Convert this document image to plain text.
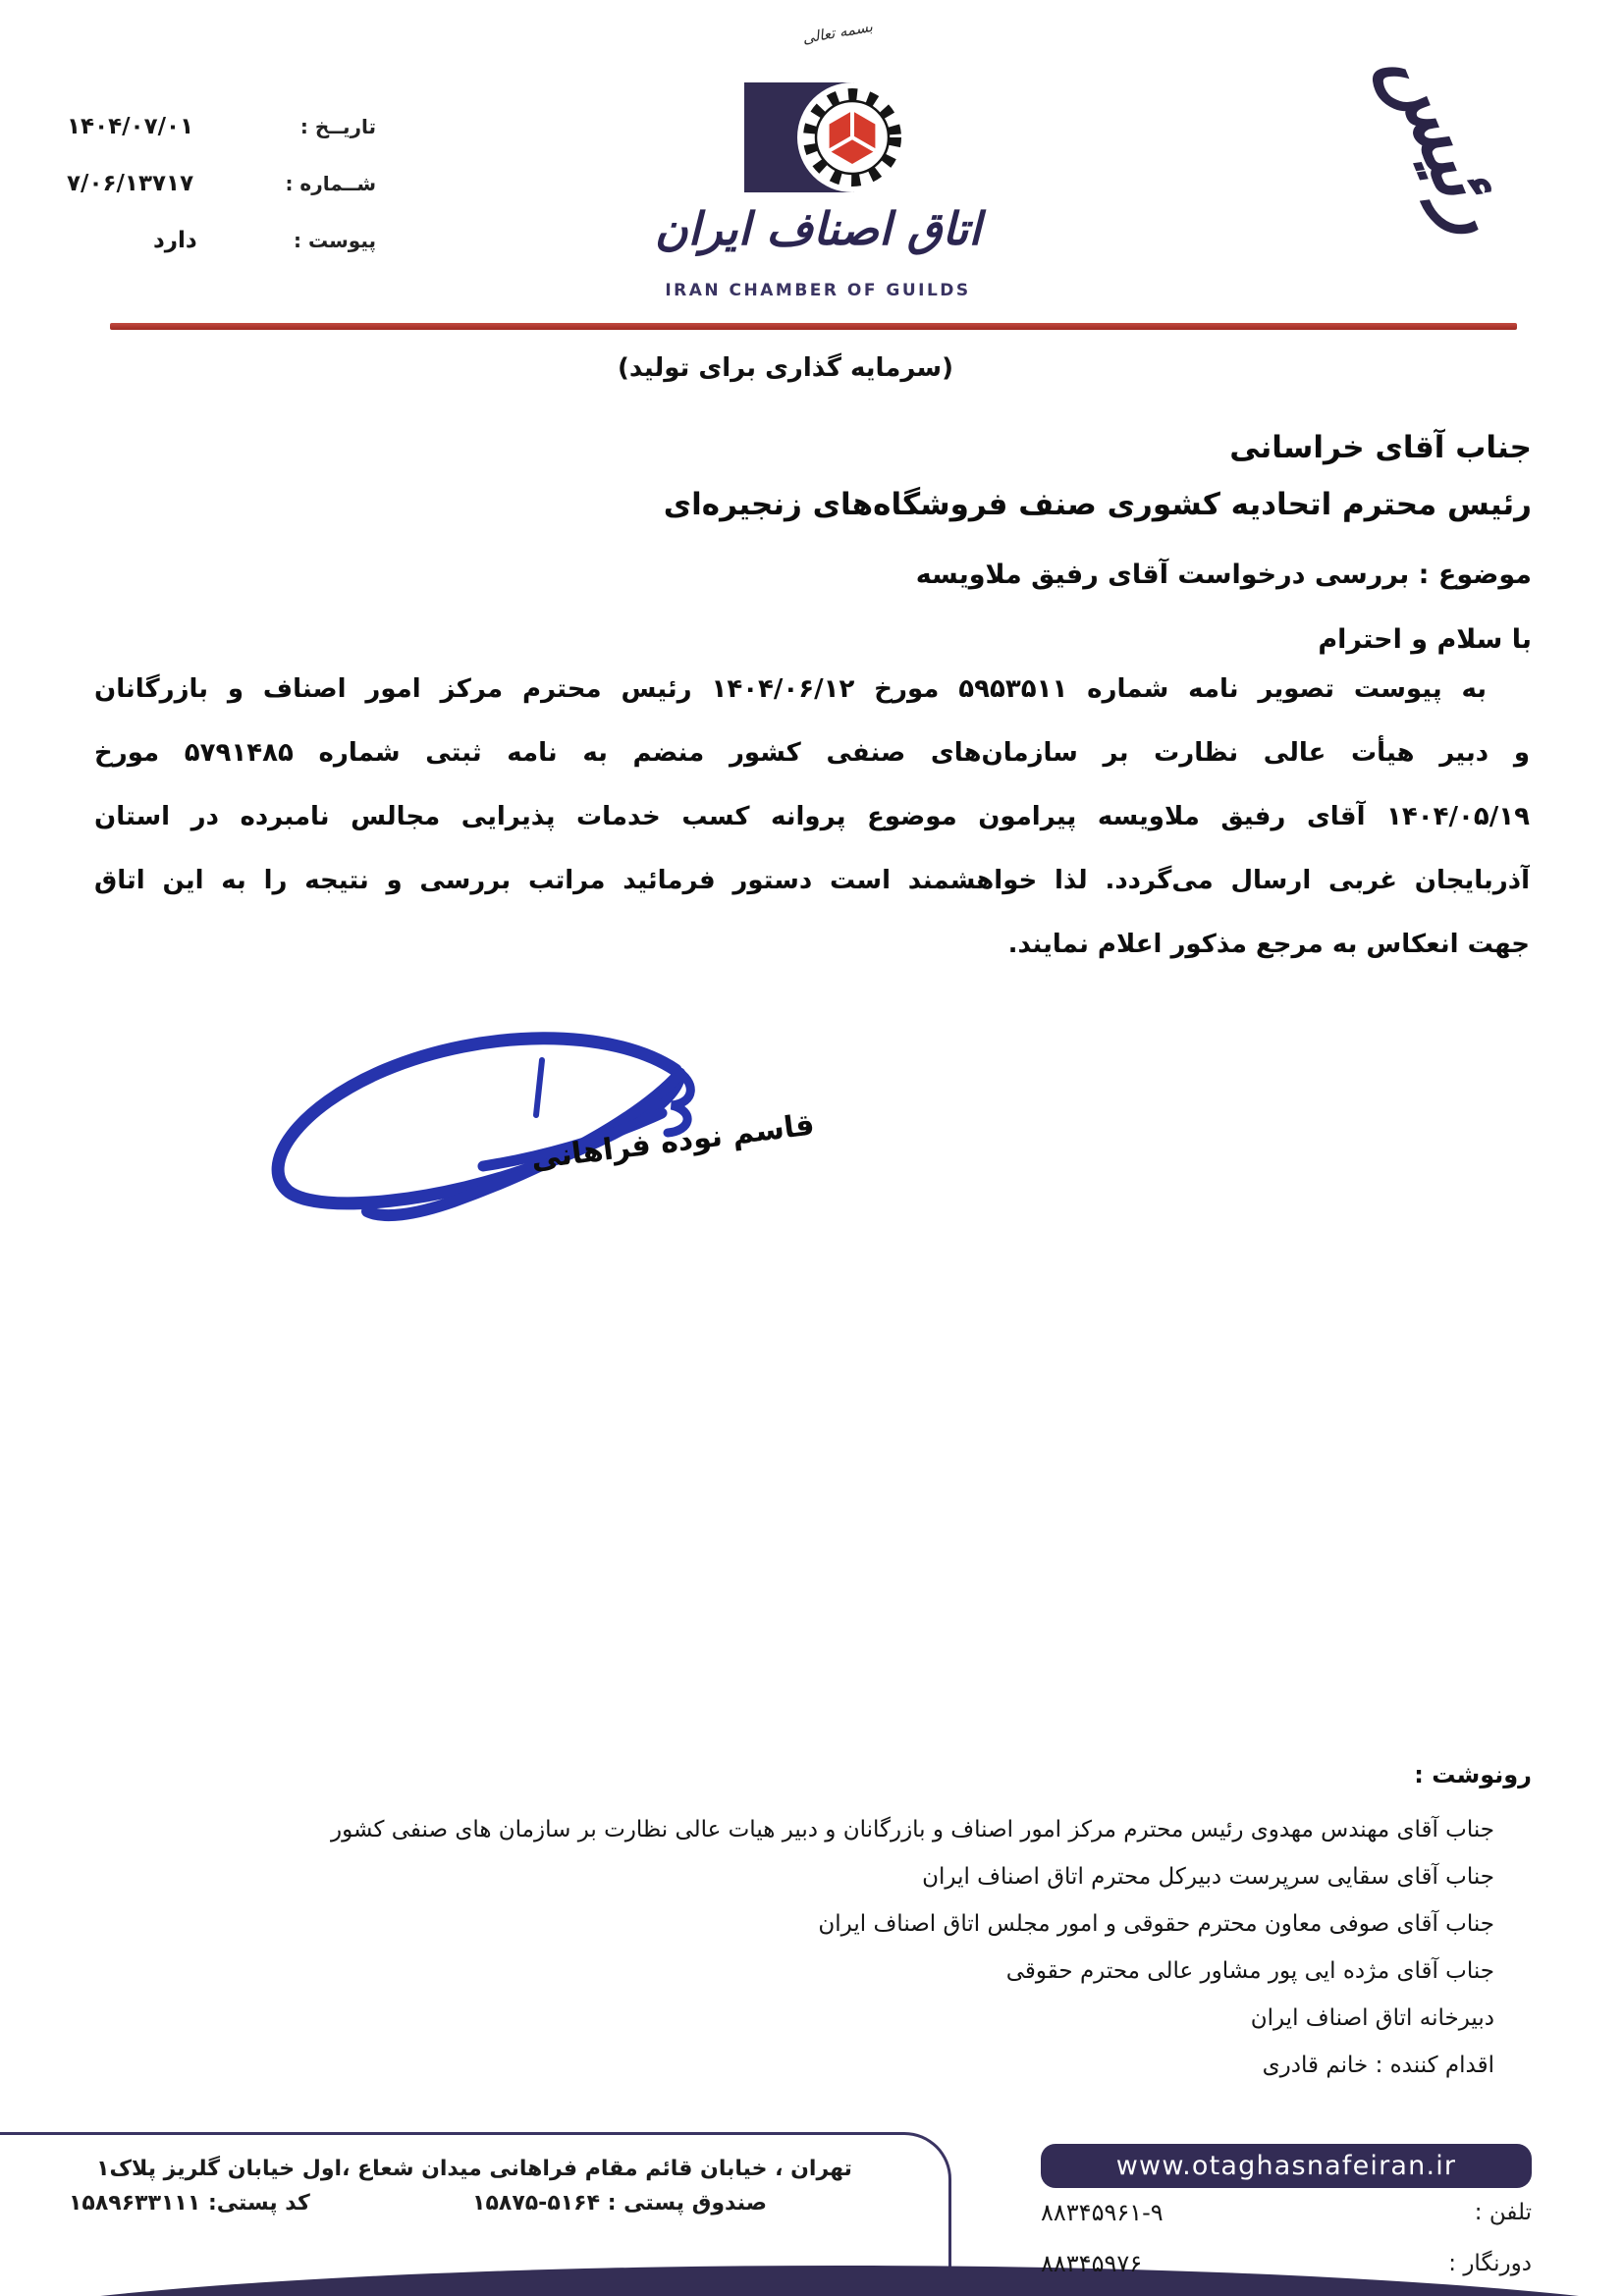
تاریــخ :
۱۴۰۴/۰۷/۰۱
شــماره :
۷/۰۶/۱۳۷۱۷
پیوست :
دارد
بسمه تعالی
اتاق اصناف ایران
IRAN CHAMBER OF GUILDS
رئیس
(سرمایه گذاری برای تولید)
جناب آقای خراسانی
رئیس محترم اتحادیه کشوری صنف فروشگاه‌های زنجیره‌ای
موضوع : بررسی درخواست آقای رفیق ملاویسه
با سلام و احترام
به پیوست تصویر نامه شماره ۵۹۵۳۵۱۱ مورخ ۱۴۰۴/۰۶/۱۲ رئیس محترم مرکز امور اصناف و بازرگانان
و دبیر هیأت عالی نظارت بر سازمان‌های صنفی کشور منضم به نامه ثبتی شماره ۵۷۹۱۴۸۵ مورخ
۱۴۰۴/۰۵/۱۹ آقای رفیق ملاویسه پیرامون موضوع پروانه کسب خدمات پذیرایی مجالس نامبرده در استان
آذربایجان غربی ارسال می‌گردد. لذا خواهشمند است دستور فرمائید مراتب بررسی و نتیجه را به این اتاق
جهت انعکاس به مرجع مذکور اعلام نمایند.
قاسم نوده فراهانی
رونوشت :
جناب آقای مهندس مهدوی رئیس محترم مرکز امور اصناف و بازرگانان و دبیر هیات عالی نظارت بر سازمان های صنفی کشور
جناب آقای سقایی سرپرست دبیرکل محترم اتاق اصناف ایران
جناب آقای صوفی معاون محترم حقوقی و امور مجلس اتاق اصناف ایران
جناب آقای مژده ایی پور مشاور عالی محترم حقوقی
دبیرخانه اتاق اصناف ایران
اقدام کننده : خانم قادری
تهران ، خیابان قائم مقام فراهانی میدان شعاع ،اول خیابان گلریز پلاک۱
صندوق پستی : ۱۵۸۷۵-۵۱۶۴
کد پستی: ۱۵۸۹۶۳۳۱۱۱
www.otaghasnafeiran.ir
تلفن :
۸۸۳۴۵۹۶۱-۹
دورنگار :
۸۸۳۴۵۹۷۶
